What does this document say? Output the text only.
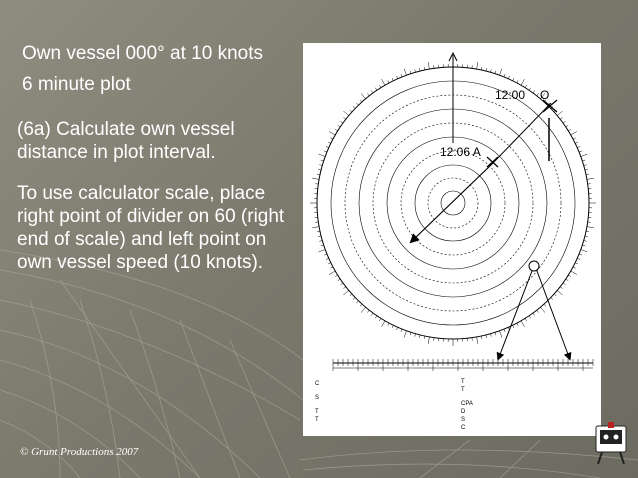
Own vessel 000° at 10 knots
6 minute plot
(6a) Calculate own vessel distance in plot interval.
To use calculator scale, place right point of divider on 60 (right end of scale) and left point on own vessel speed (10 knots).
© Grunt Productions 2007
12:00 O
12:06 A
C
S
T
T
T
T
CPA
D
S
C
